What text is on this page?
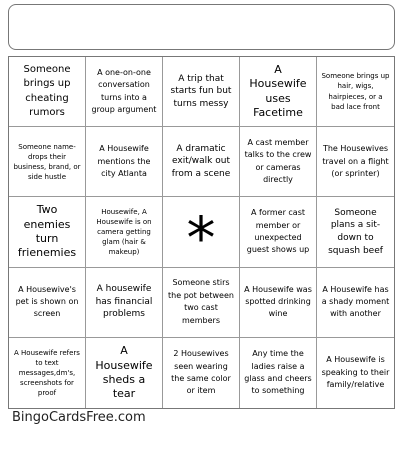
Someone brings up cheating rumors
A one-on-one conversation turns into a group argument
A trip that starts fun but turns messy
A Housewife uses Facetime
Someone brings up hair, wigs, hairpieces, or a bad lace front
Someone name-drops their business, brand, or side hustle
A Housewife mentions the city Atlanta
A dramatic exit/walk out from a scene
A cast member talks to the crew or cameras directly
The Housewives travel on a flight (or sprinter)
Two enemies turn frienemies
Housewife, A Housewife is on camera getting glam (hair & makeup) *	A former cast member or unexpected guest shows up
Someone plans a sit-down to squash beef
A Housewive's pet is shown on screen
A housewife has financial problems
Someone stirs the pot between two cast members
A Housewife was spotted drinking wine
A Housewife has a shady moment with another
A Housewife refers to text messages,dm's, screenshots for proof
A Housewife sheds a tear
2 Housewives seen wearing the same color or item
Any time the ladies raise a glass and cheers to something
A Housewife is speaking to their family/relative
BingoCardsFree.com
